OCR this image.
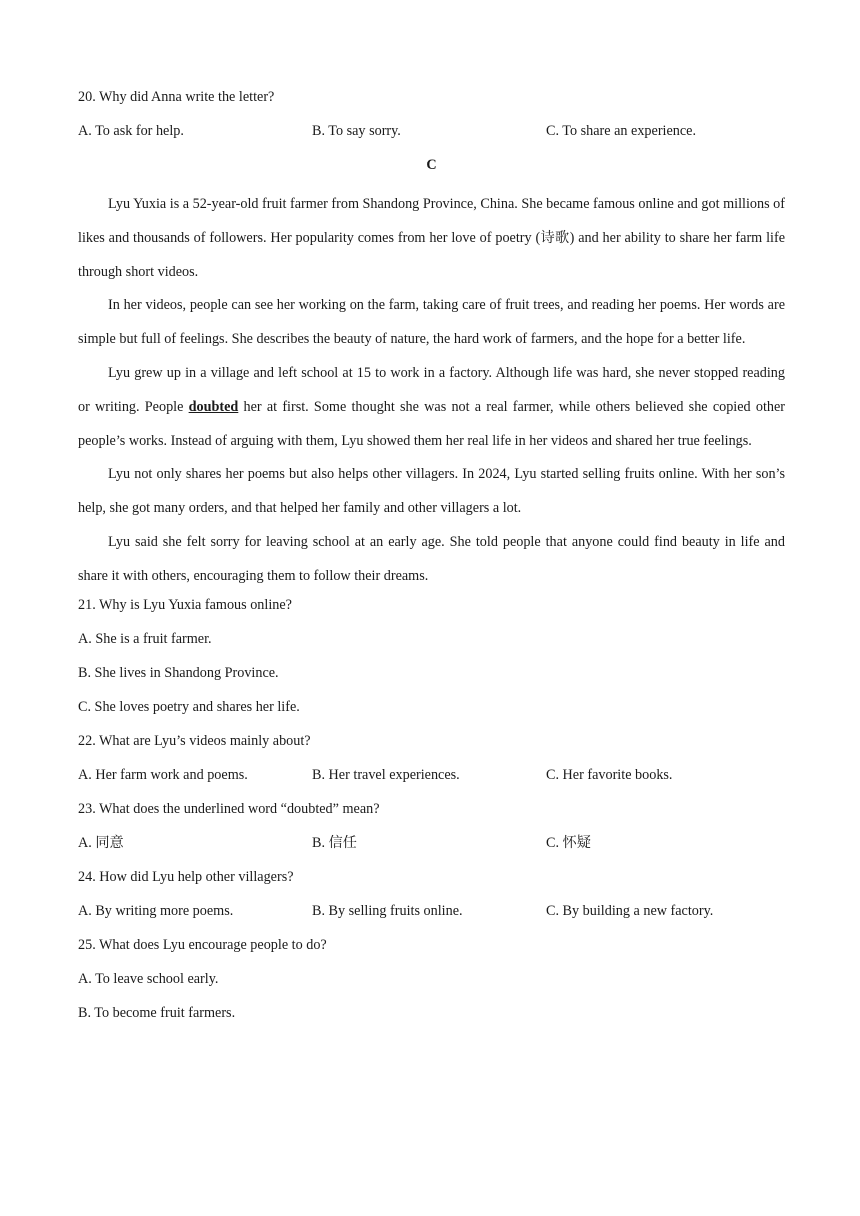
20. Why did Anna write the letter?
A. To ask for help.	B. To say sorry.	C. To share an experience.
C

Lyu Yuxia is a 52-year-old fruit farmer from Shandong Province, China. She became famous online and got millions of likes and thousands of followers. Her popularity comes from her love of poetry (诗歌) and her ability to share her farm life through short videos.

In her videos, people can see her working on the farm, taking care of fruit trees, and reading her poems. Her words are simple but full of feelings. She describes the beauty of nature, the hard work of farmers, and the hope for a better life.

Lyu grew up in a village and left school at 15 to work in a factory. Although life was hard, she never stopped reading or writing. People doubted her at first. Some thought she was not a real farmer, while others believed she copied other people’s works. Instead of arguing with them, Lyu showed them her real life in her videos and shared her true feelings.

Lyu not only shares her poems but also helps other villagers. In 2024, Lyu started selling fruits online. With her son’s help, she got many orders, and that helped her family and other villagers a lot.

Lyu said she felt sorry for leaving school at an early age. She told people that anyone could find beauty in life and share it with others, encouraging them to follow their dreams.

21. Why is Lyu Yuxia famous online?
A. She is a fruit farmer.
B. She lives in Shandong Province.
C. She loves poetry and shares her life.
22. What are Lyu’s videos mainly about?
A. Her farm work and poems.	B. Her travel experiences.	C. Her favorite books.
23. What does the underlined word “doubted” mean?
A. 同意	B. 信任	C. 怀疑
24. How did Lyu help other villagers?
A. By writing more poems.	B. By selling fruits online.	C. By building a new factory.
25. What does Lyu encourage people to do?
A. To leave school early.
B. To become fruit farmers.
